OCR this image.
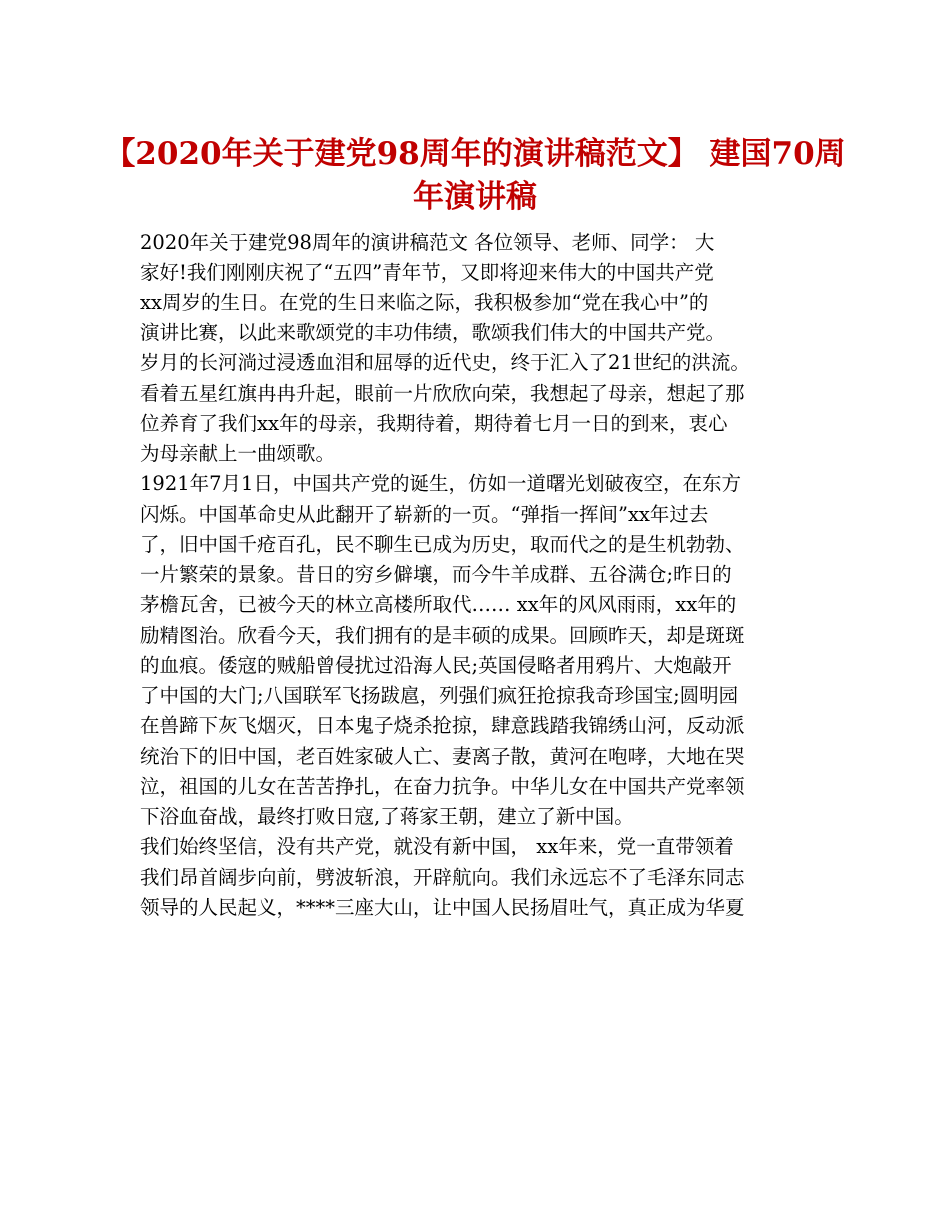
【2020年关于建党98周年的演讲稿范文】 建国70周
年演讲稿
2020年关于建党98周年的演讲稿范文 各位领导、老师、同学： 大
家好!我们刚刚庆祝了“五四”青年节，又即将迎来伟大的中国共产党
xx周岁的生日。在党的生日来临之际，我积极参加“党在我心中”的
演讲比赛，以此来歌颂党的丰功伟绩，歌颂我们伟大的中国共产党。
岁月的长河淌过浸透血泪和屈辱的近代史，终于汇入了21世纪的洪流。
看着五星红旗冉冉升起，眼前一片欣欣向荣，我想起了母亲，想起了那
位养育了我们xx年的母亲，我期待着，期待着七月一日的到来，衷心
为母亲献上一曲颂歌。
1921年7月1日，中国共产党的诞生，仿如一道曙光划破夜空，在东方
闪烁。中国革命史从此翻开了崭新的一页。“弹指一挥间”xx年过去
了，旧中国千疮百孔，民不聊生已成为历史，取而代之的是生机勃勃、
一片繁荣的景象。昔日的穷乡僻壤，而今牛羊成群、五谷满仓;昨日的
茅檐瓦舍，已被今天的林立高楼所取代…… xx年的风风雨雨，xx年的
励精图治。欣看今天，我们拥有的是丰硕的成果。回顾昨天，却是斑斑
的血痕。倭寇的贼船曾侵扰过沿海人民;英国侵略者用鸦片、大炮敲开
了中国的大门;八国联军飞扬跋扈，列强们疯狂抢掠我奇珍国宝;圆明园
在兽蹄下灰飞烟灭，日本鬼子烧杀抢掠，肆意践踏我锦绣山河，反动派
统治下的旧中国，老百姓家破人亡、妻离子散，黄河在咆哮，大地在哭
泣，祖国的儿女在苦苦挣扎，在奋力抗争。中华儿女在中国共产党率领
下浴血奋战，最终打败日寇,了蒋家王朝，建立了新中国。
我们始终坚信，没有共产党，就没有新中国， xx年来，党一直带领着
我们昂首阔步向前，劈波斩浪，开辟航向。我们永远忘不了毛泽东同志
领导的人民起义，****三座大山，让中国人民扬眉吐气，真正成为华夏
